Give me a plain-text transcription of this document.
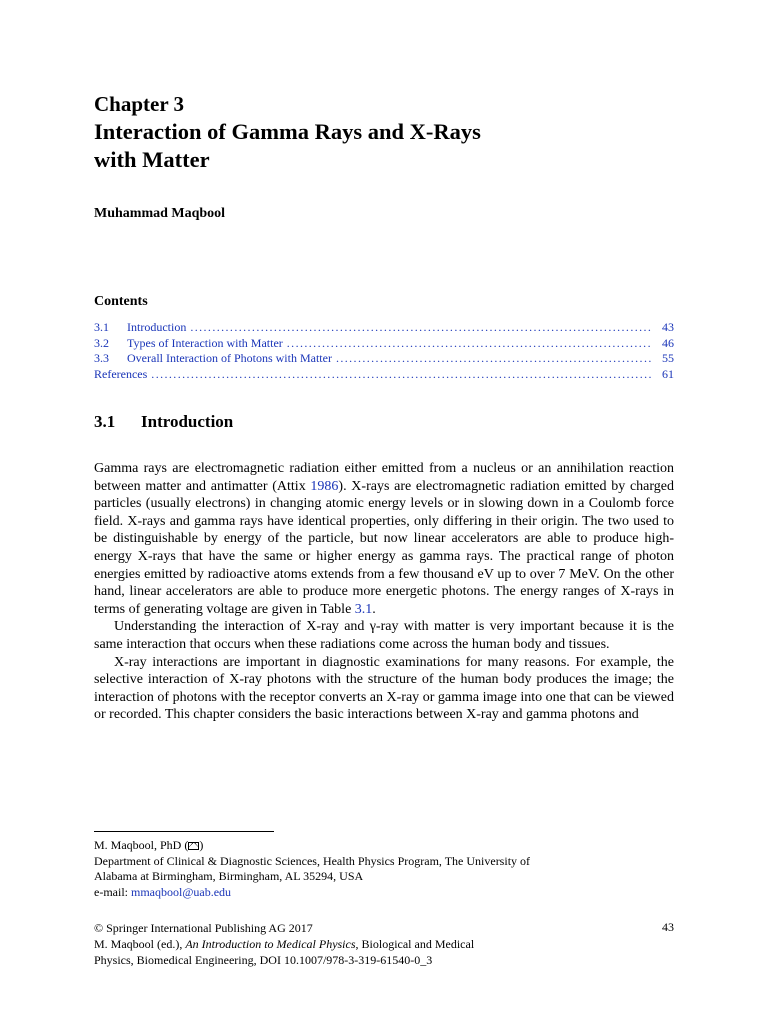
Chapter 3
Interaction of Gamma Rays and X-Rays
with Matter
Muhammad Maqbool
Contents
3.1	Introduction .....	43
3.2	Types of Interaction with Matter .....	46
3.3	Overall Interaction of Photons with Matter .....	55
References .....	61
3.1 Introduction

Gamma rays are electromagnetic radiation either emitted from a nucleus or an annihilation reaction between matter and antimatter (Attix 1986). X-rays are electromagnetic radiation emitted by charged particles (usually electrons) in changing atomic energy levels or in slowing down in a Coulomb force field. X-rays and gamma rays have identical properties, only differing in their origin. The two used to be distinguishable by energy of the particle, but now linear accelerators are able to produce high-energy X-rays that have the same or higher energy as gamma rays. The practical range of photon energies emitted by radioactive atoms extends from a few thousand eV up to over 7 MeV. On the other hand, linear accelerators are able to produce more energetic photons. The energy ranges of X-rays in terms of generating voltage are given in Table 3.1.

Understanding the interaction of X-ray and γ-ray with matter is very important because it is the same interaction that occurs when these radiations come across the human body and tissues.

X-ray interactions are important in diagnostic examinations for many reasons. For example, the selective interaction of X-ray photons with the structure of the human body produces the image; the interaction of photons with the receptor converts an X-ray or gamma image into one that can be viewed or recorded. This chapter considers the basic interactions between X-ray and gamma photons and

M. Maqbool, PhD ( )
Department of Clinical & Diagnostic Sciences, Health Physics Program, The University of
Alabama at Birmingham, Birmingham, AL 35294, USA
e-mail: mmaqbool@uab.edu
© Springer International Publishing AG 2017
M. Maqbool (ed.), An Introduction to Medical Physics, Biological and Medical
Physics, Biomedical Engineering, DOI 10.1007/978-3-319-61540-0_3
43
